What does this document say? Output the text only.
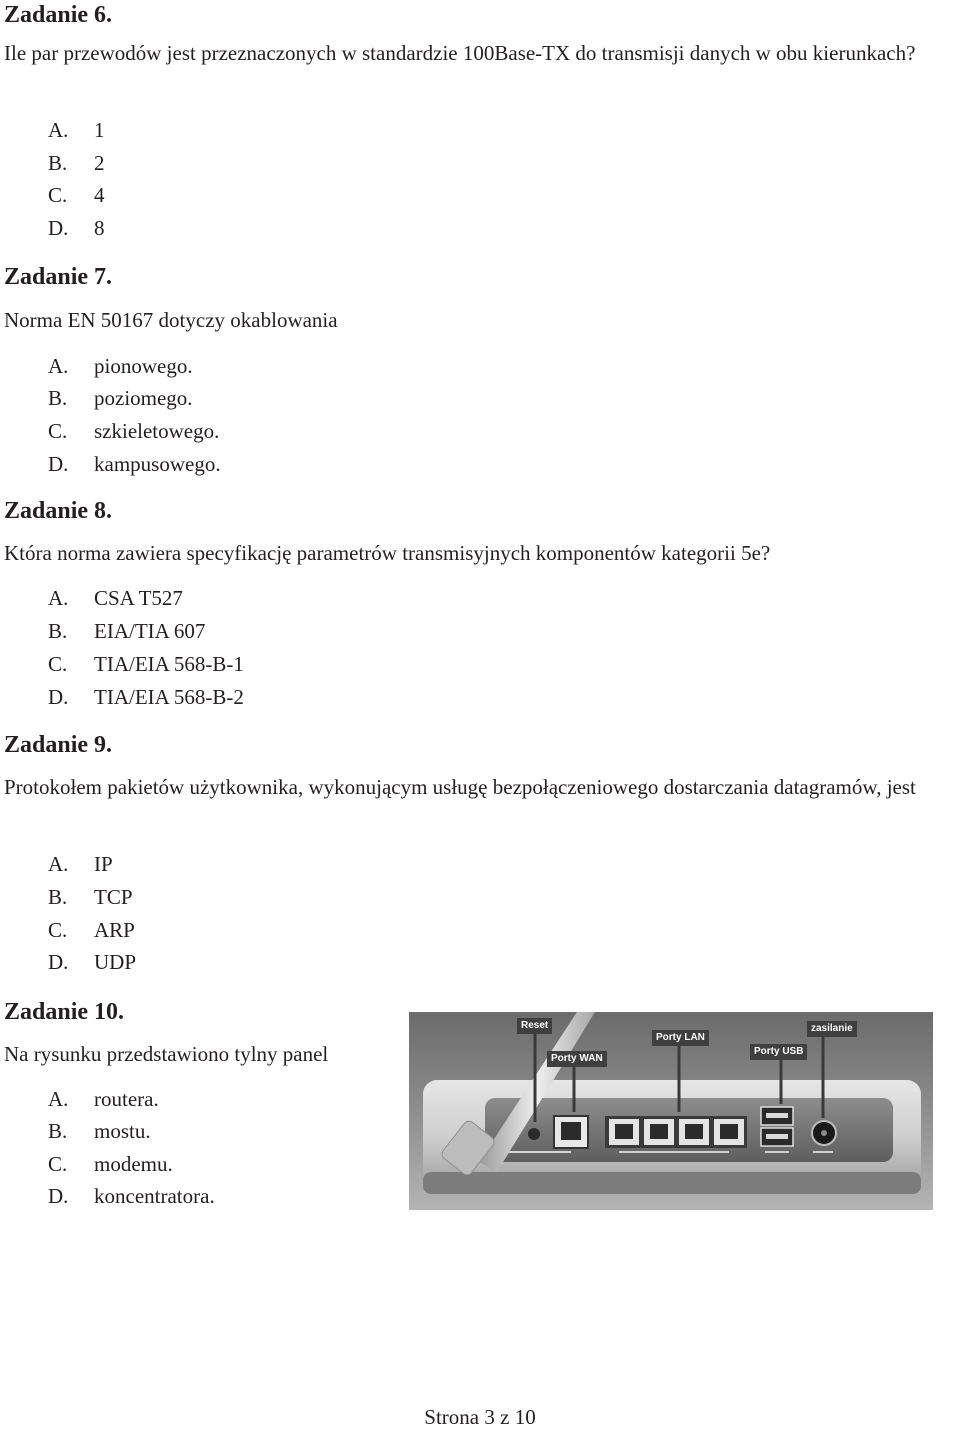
Zadanie 6.
Ile par przewodów jest przeznaczonych w standardzie 100Base-TX do transmisji danych w obu kierunkach?
A. 1
B. 2
C. 4
D. 8
Zadanie 7.
Norma EN 50167 dotyczy okablowania
A. pionowego.
B. poziomego.
C. szkieletowego.
D. kampusowego.
Zadanie 8.
Która norma zawiera specyfikację parametrów transmisyjnych komponentów kategorii 5e?
A. CSA T527
B. EIA/TIA 607
C. TIA/EIA 568-B-1
D. TIA/EIA 568-B-2
Zadanie 9.
Protokołem pakietów użytkownika, wykonującym usługę bezpołączeniowego dostarczania datagramów, jest
A. IP
B. TCP
C. ARP
D. UDP
Zadanie 10.
Na rysunku przedstawiono tylny panel
A. routera.
B. mostu.
C. modemu.
D. koncentratora.
Reset
Porty WAN
Porty LAN
Porty USB
zasilanie
Strona 3 z 10
